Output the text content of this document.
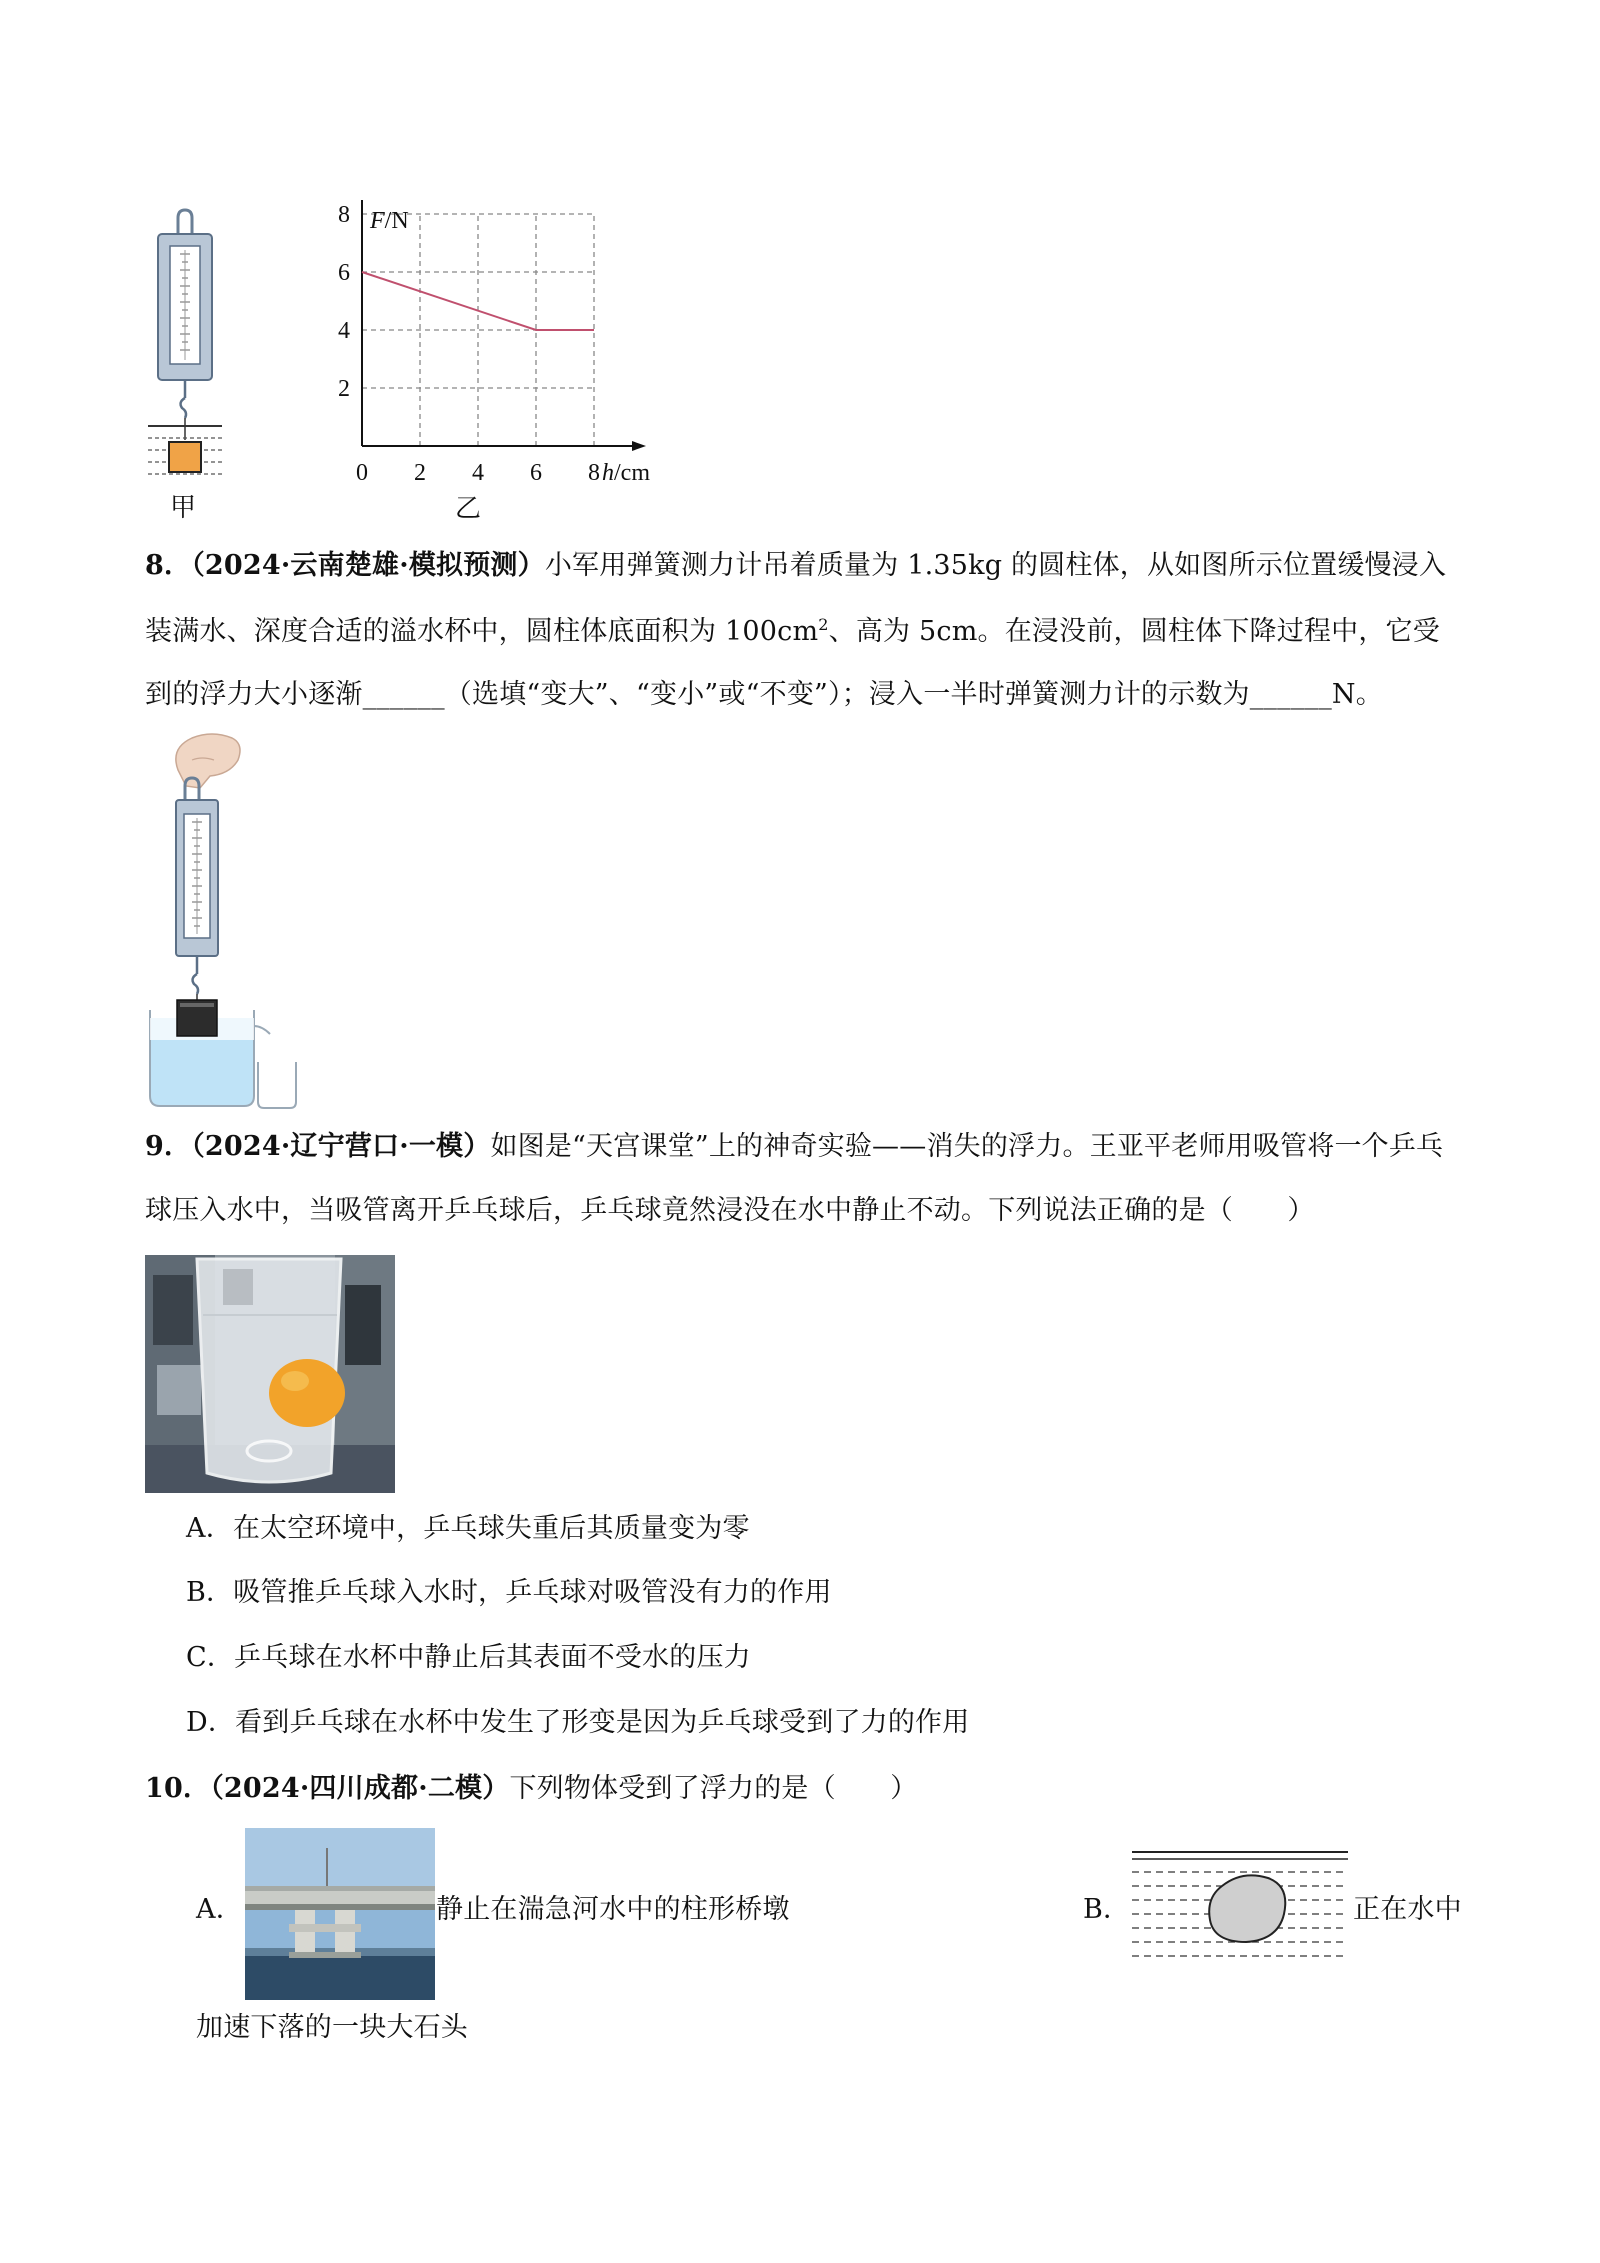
甲
0 2 4 6 8
2
4
6
8 F/N
h/cm
乙
8．（2024·云南楚雄·模拟预测）小军用弹簧测力计吊着质量为 1.35kg 的圆柱体，从如图所示位置缓慢浸入
装满水、深度合适的溢水杯中，圆柱体底面积为 $100cm^2$、高为 5cm。在浸没前，圆柱体下降过程中，它受
到的浮力大小逐渐______（选填“变大”、“变小”或“不变”）；浸入一半时弹簧测力计的示数为______N。
9．（2024·辽宁营口·一模）如图是“天宫课堂”上的神奇实验——消失的浮力。王亚平老师用吸管将一个乒乓
球压入水中，当吸管离开乒乓球后，乒乓球竟然浸没在水中静止不动。下列说法正确的是（　　）
A．在太空环境中，乒乓球失重后其质量变为零
B．吸管推乒乓球入水时，乒乓球对吸管没有力的作用
C．乒乓球在水杯中静止后其表面不受水的压力
D．看到乒乓球在水杯中发生了形变是因为乒乓球受到了力的作用
10．（2024·四川成都·二模）下列物体受到了浮力的是（　　）
A．	静止在湍急河水中的柱形桥墩	B．	正在水中
加速下落的一块大石头
